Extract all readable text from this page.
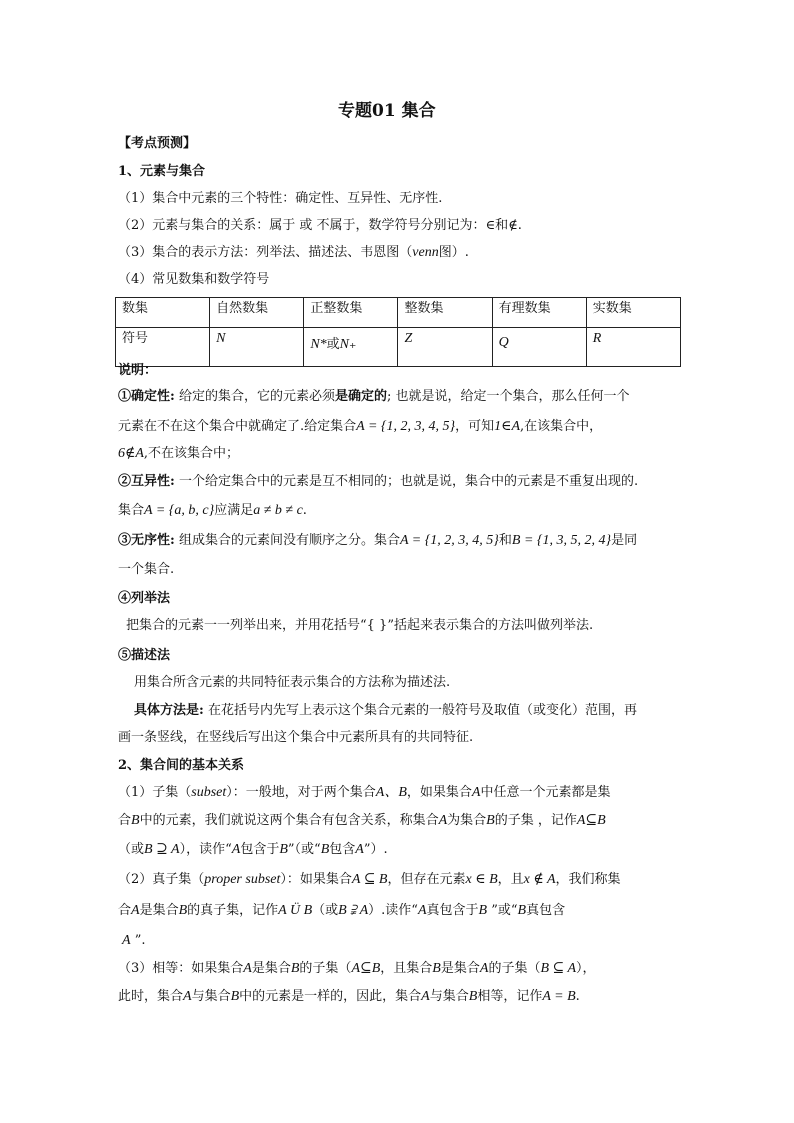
专题01 集合
【考点预测】
1、元素与集合
（1）集合中元素的三个特性：确定性、互异性、无序性.
（2）元素与集合的关系：属于 或 不属于，数学符号分别记为：∈和∉.
（3）集合的表示方法：列举法、描述法、韦恩图（venn图）.
（4）常见数集和数学符号
数集	自然数集	正整数集	整数集	有理数集	实数集
符号	N	N*或N₊	Z	Q	R
说明：
①确定性: 给定的集合，它的元素必须是确定的; 也就是说，给定一个集合，那么任何一个
元素在不在这个集合中就确定了.给定集合A = {1, 2, 3, 4, 5}，可知1∈A,在该集合中，
6∉A,不在该集合中；
②互异性: 一个给定集合中的元素是互不相同的；也就是说，集合中的元素是不重复出现的.
集合A = {a, b, c}应满足a ≠ b ≠ c.
③无序性: 组成集合的元素间没有顺序之分。集合A = {1, 2, 3, 4, 5}和B = {1, 3, 5, 2, 4}是同
一个集合.
④列举法
把集合的元素一一列举出来，并用花括号“{ }”括起来表示集合的方法叫做列举法.
⑤描述法
用集合所含元素的共同特征表示集合的方法称为描述法.
具体方法是: 在花括号内先写上表示这个集合元素的一般符号及取值（或变化）范围，再
画一条竖线，在竖线后写出这个集合中元素所具有的共同特征.
2、集合间的基本关系
（1）子集（subset）：一般地，对于两个集合A、B，如果集合A中任意一个元素都是集
合B中的元素，我们就说这两个集合有包含关系，称集合A为集合B的子集 ，记作A⊆B
（或B ⊇ A），读作“A包含于B”（或“B包含A”）.
（2）真子集（proper subset）：如果集合A ⊆ B，但存在元素x ∈ B，且x ∉ A，我们称集
合A是集合B的真子集，记作A Ü B（或B ⫌ A）.读作“A真包含于B ”或“B真包含
A ”.
（3）相等：如果集合A是集合B的子集（A⊆B，且集合B是集合A的子集（B ⊆ A），
此时，集合A与集合B中的元素是一样的，因此，集合A与集合B相等，记作A = B.
